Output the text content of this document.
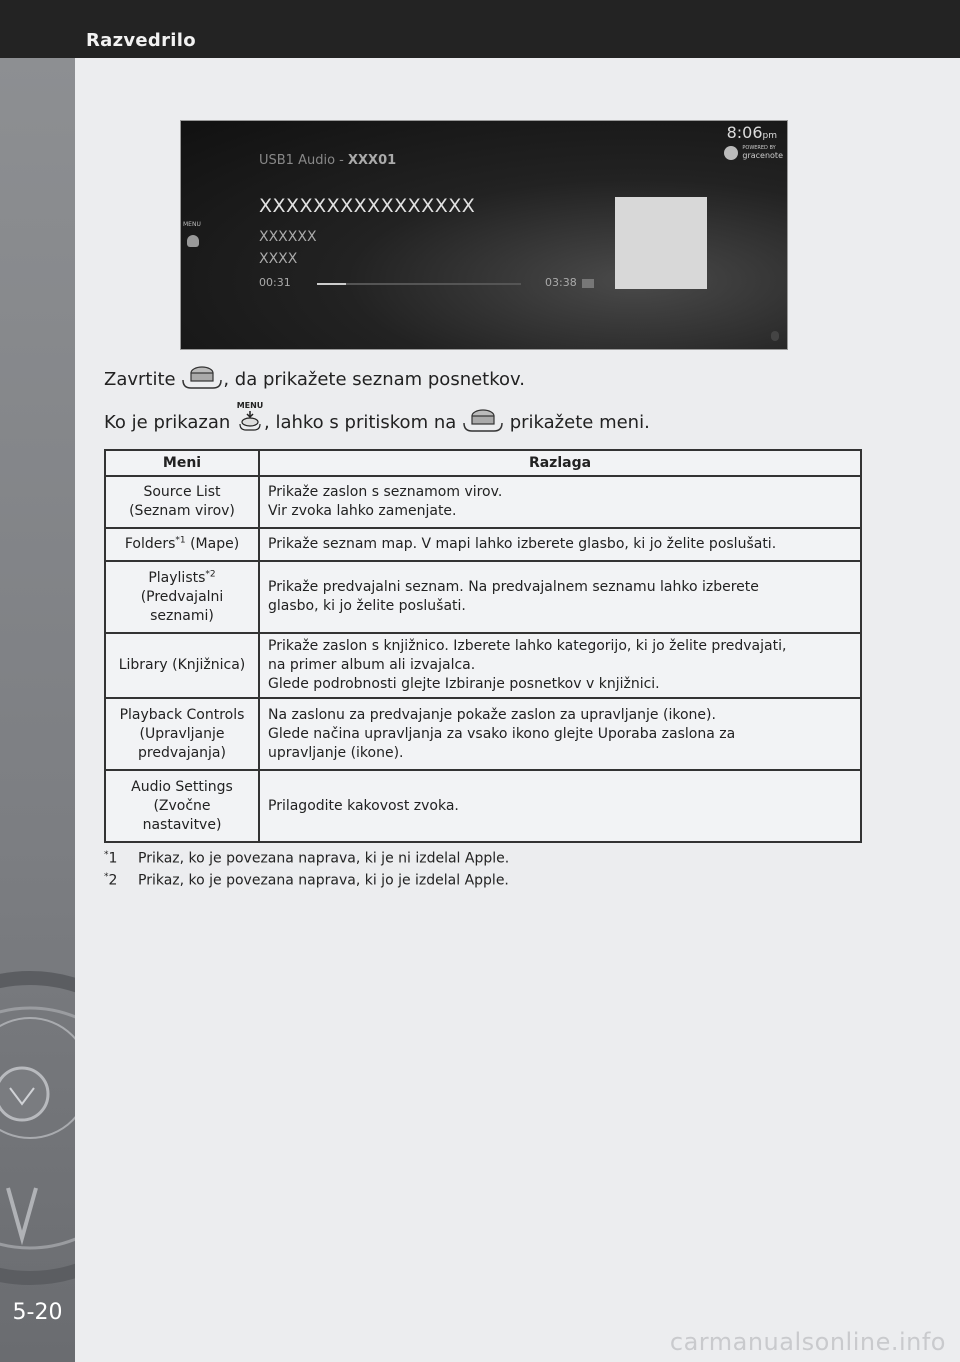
Razvedrilo
5-20
8:06pm
POWERED BY
gracenote
USB1 Audio - XXX01
XXXXXXXXXXXXXXXX
XXXXXX
XXXX
00:31	03:38
MENU
Zavrtite , da prikažete seznam posnetkov.
Ko je prikazan
MENU
, lahko s pritiskom na  prikažete meni.
Meni	Razlaga
Source List
(Seznam virov)	Prikaže zaslon s seznamom virov.
Vir zvoka lahko zamenjate.
Folders$^{*1}$ (Mape)	Prikaže seznam map. V mapi lahko izberete glasbo, ki jo želite poslušati.
Playlists$^{*2}$
(Predvajalni
seznami)	Prikaže predvajalni seznam. Na predvajalnem seznamu lahko izberete
glasbo, ki jo želite poslušati.
Library (Knjižnica)	Prikaže zaslon s knjižnico. Izberete lahko kategorijo, ki jo želite predvajati,
na primer album ali izvajalca.
Glede podrobnosti glejte Izbiranje posnetkov v knjižnici.
Playback Controls
(Upravljanje
predvajanja)	Na zaslonu za predvajanje pokaže zaslon za upravljanje (ikone).
Glede načina upravljanja za vsako ikono glejte Uporaba zaslona za
upravljanje (ikone).
Audio Settings
(Zvočne
nastavitve)	Prilagodite kakovost zvoka.
*1 Prikaz, ko je povezana naprava, ki je ni izdelal Apple.
*2 Prikaz, ko je povezana naprava, ki jo je izdelal Apple.
carmanualsonline.info
